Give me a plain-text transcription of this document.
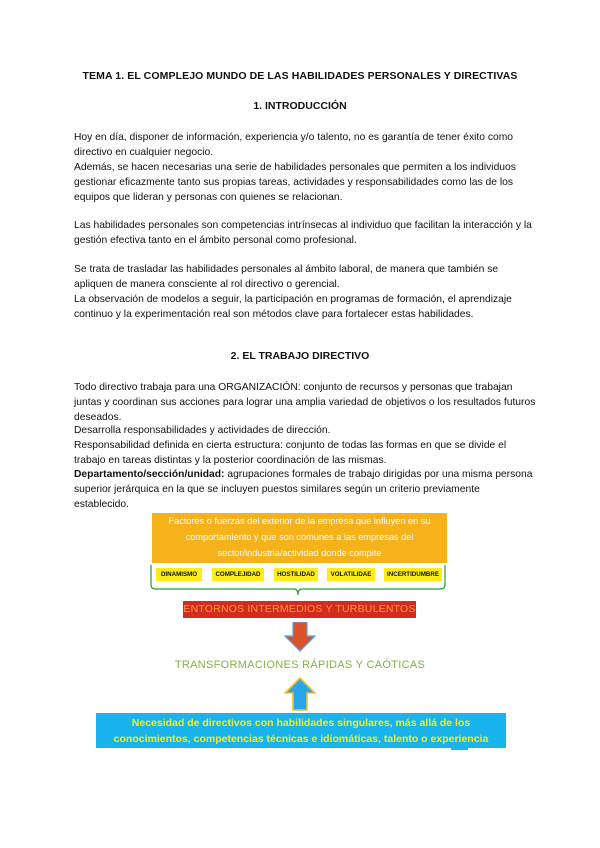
TEMA 1. EL COMPLEJO MUNDO DE LAS HABILIDADES PERSONALES Y DIRECTIVAS
1. INTRODUCCIÓN

Hoy en día, disponer de información, experiencia y/o talento, no es garantía de tener éxito como directivo en cualquier negocio.

Además, se hacen necesarias una serie de habilidades personales que permiten a los individuos gestionar eficazmente tanto sus propias tareas, actividades y responsabilidades como las de los equipos que lideran y personas con quienes se relacionan.

Las habilidades personales son competencias intrínsecas al individuo que facilitan la interacción y la gestión efectiva tanto en el ámbito personal como profesional.

Se trata de trasladar las habilidades personales al ámbito laboral, de manera que también se apliquen de manera consciente al rol directivo o gerencial.

La observación de modelos a seguir, la participación en programas de formación, el aprendizaje continuo y la experimentación real son métodos clave para fortalecer estas habilidades.

2. EL TRABAJO DIRECTIVO

Todo directivo trabaja para una ORGANIZACIÓN: conjunto de recursos y personas que trabajan juntas y coordinan sus acciones para lograr una amplia variedad de objetivos o los resultados futuros deseados.

Desarrolla responsabilidades y actividades de dirección.

Responsabilidad definida en cierta estructura: conjunto de todas las formas en que se divide el trabajo en tareas distintas y la posterior coordinación de las mismas.

Departamento/sección/unidad: agrupaciones formales de trabajo dirigidas por una misma persona superior jerárquica en la que se incluyen puestos similares según un criterio previamente establecido.

Factores o fuerzas del exterior de la empresa que influyen en su comportamiento y que son comunes a las empresas del sector/industria/actividad donde compite
DINAMISMO	COMPLEJIDAD	HOSTILIDAD	VOLATILIDAE	INCERTIDUMBRE
ENTORNOS INTERMEDIOS Y TURBULENTOS
TRANSFORMACIONES RÁPIDAS Y CAÓTICAS
Necesidad de directivos con habilidades singulares, más allá de los conocimientos, competencias técnicas e idiomáticas, talento o experiencia
